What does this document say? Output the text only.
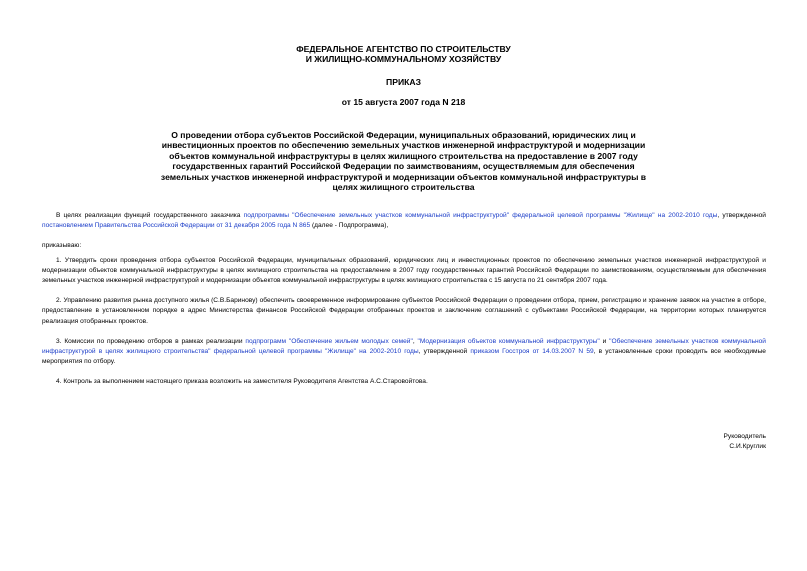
ФЕДЕРАЛЬНОЕ АГЕНТСТВО ПО СТРОИТЕЛЬСТВУ
И ЖИЛИЩНО-КОММУНАЛЬНОМУ ХОЗЯЙСТВУ
ПРИКАЗ
от 15 августа 2007 года N 218
О проведении отбора субъектов Российской Федерации, муниципальных образований, юридических лиц и инвестиционных проектов по обеспечению земельных участков инженерной инфраструктурой и модернизации объектов коммунальной инфраструктуры в целях жилищного строительства на предоставление в 2007 году государственных гарантий Российской Федерации по заимствованиям, осуществляемым для обеспечения земельных участков инженерной инфраструктурой и модернизации объектов коммунальной инфраструктуры в целях жилищного строительства

В целях реализации функций государственного заказчика подпрограммы "Обеспечение земельных участков коммунальной инфраструктурой" федеральной целевой программы "Жилище" на 2002-2010 годы, утвержденной постановлением Правительства Российской Федерации от 31 декабря 2005 года N 865 (далее - Подпрограмма),

приказываю:

1. Утвердить сроки проведения отбора субъектов Российской Федерации, муниципальных образований, юридических лиц и инвестиционных проектов по обеспечению земельных участков инженерной инфраструктурой и модернизации объектов коммунальной инфраструктуры в целях жилищного строительства на предоставление в 2007 году государственных гарантий Российской Федерации по заимствованиям, осуществляемым для обеспечения земельных участков инженерной инфраструктурой и модернизации объектов коммунальной инфраструктуры в целях жилищного строительства с 15 августа по 21 сентября 2007 года.

2. Управлению развития рынка доступного жилья (С.В.Баринову) обеспечить своевременное информирование субъектов Российской Федерации о проведении отбора, прием, регистрацию и хранение заявок на участие в отборе, предоставление в установленном порядке в адрес Министерства финансов Российской Федерации отобранных проектов и заключение соглашений с субъектами Российской Федерации, на территории которых планируется реализация отобранных проектов.

3. Комиссии по проведению отборов в рамках реализации подпрограмм "Обеспечение жильем молодых семей", "Модернизация объектов коммунальной инфраструктуры" и "Обеспечение земельных участков коммунальной инфраструктурой в целях жилищного строительства" федеральной целевой программы "Жилище" на 2002-2010 годы, утвержденной приказом Госстроя от 14.03.2007 N 59, в установленные сроки проводить все необходимые мероприятия по отбору.

4. Контроль за выполнением настоящего приказа возложить на заместителя Руководителя Агентства А.С.Старовойтова.

Руководитель
С.И.Круглик
